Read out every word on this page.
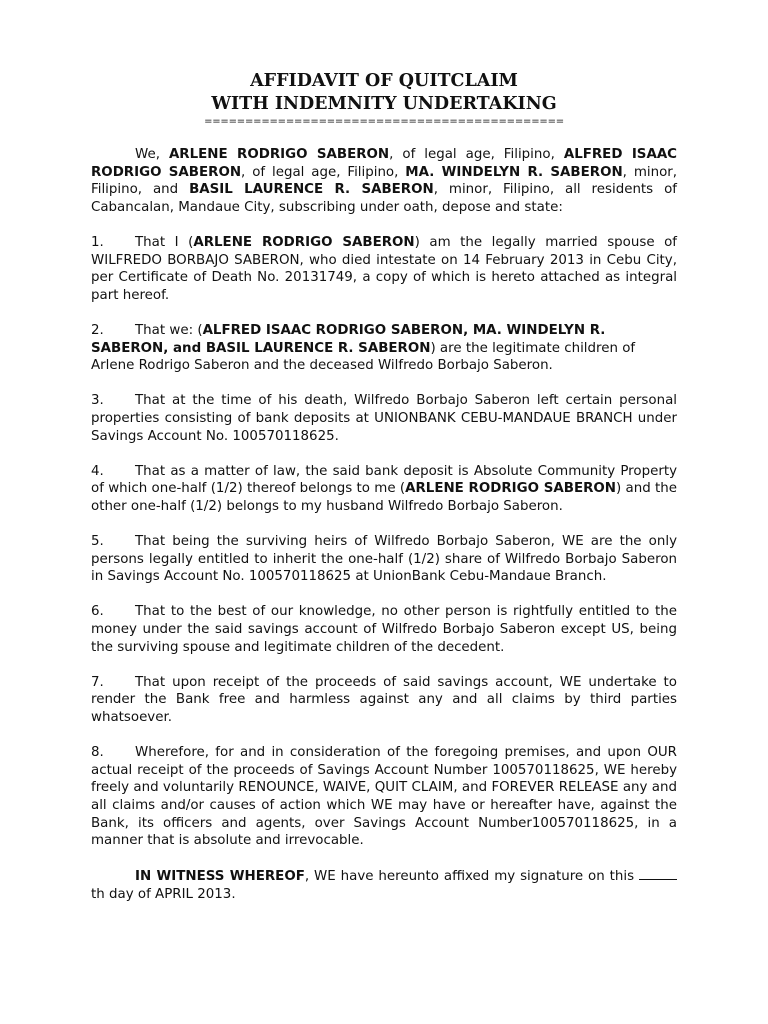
AFFIDAVIT OF QUITCLAIM
WITH INDEMNITY UNDERTAKING
============================================

We, ARLENE RODRIGO SABERON, of legal age, Filipino, ALFRED ISAAC RODRIGO SABERON, of legal age, Filipino, MA. WINDELYN R. SABERON, minor, Filipino, and BASIL LAURENCE R. SABERON, minor, Filipino, all residents of Cabancalan, Mandaue City, subscribing under oath, depose and state:

1. That I (ARLENE RODRIGO SABERON) am the legally married spouse of WILFREDO BORBAJO SABERON, who died intestate on 14 February 2013 in Cebu City, per Certificate of Death No. 20131749, a copy of which is hereto attached as integral part hereof.

2. That we: (ALFRED ISAAC RODRIGO SABERON, MA. WINDELYN R. SABERON, and BASIL LAURENCE R. SABERON) are the legitimate children of Arlene Rodrigo Saberon and the deceased Wilfredo Borbajo Saberon.

3. That at the time of his death, Wilfredo Borbajo Saberon left certain personal properties consisting of bank deposits at UNIONBANK CEBU-MANDAUE BRANCH under Savings Account No. 100570118625.

4. That as a matter of law, the said bank deposit is Absolute Community Property of which one-half (1/2) thereof belongs to me (ARLENE RODRIGO SABERON) and the other one-half (1/2) belongs to my husband Wilfredo Borbajo Saberon.

5. That being the surviving heirs of Wilfredo Borbajo Saberon, WE are the only persons legally entitled to inherit the one-half (1/2) share of Wilfredo Borbajo Saberon in Savings Account No. 100570118625 at UnionBank Cebu-Mandaue Branch.

6. That to the best of our knowledge, no other person is rightfully entitled to the money under the said savings account of Wilfredo Borbajo Saberon except US, being the surviving spouse and legitimate children of the decedent.

7. That upon receipt of the proceeds of said savings account, WE undertake to render the Bank free and harmless against any and all claims by third parties whatsoever.

8. Wherefore, for and in consideration of the foregoing premises, and upon OUR actual receipt of the proceeds of Savings Account Number 100570118625, WE hereby freely and voluntarily RENOUNCE, WAIVE, QUIT CLAIM, and FOREVER RELEASE any and all claims and/or causes of action which WE may have or hereafter have, against the Bank, its officers and agents, over Savings Account Number100570118625, in a manner that is absolute and irrevocable.

IN WITNESS WHEREOF, WE have hereunto affixed my signature on this th day of APRIL 2013.
